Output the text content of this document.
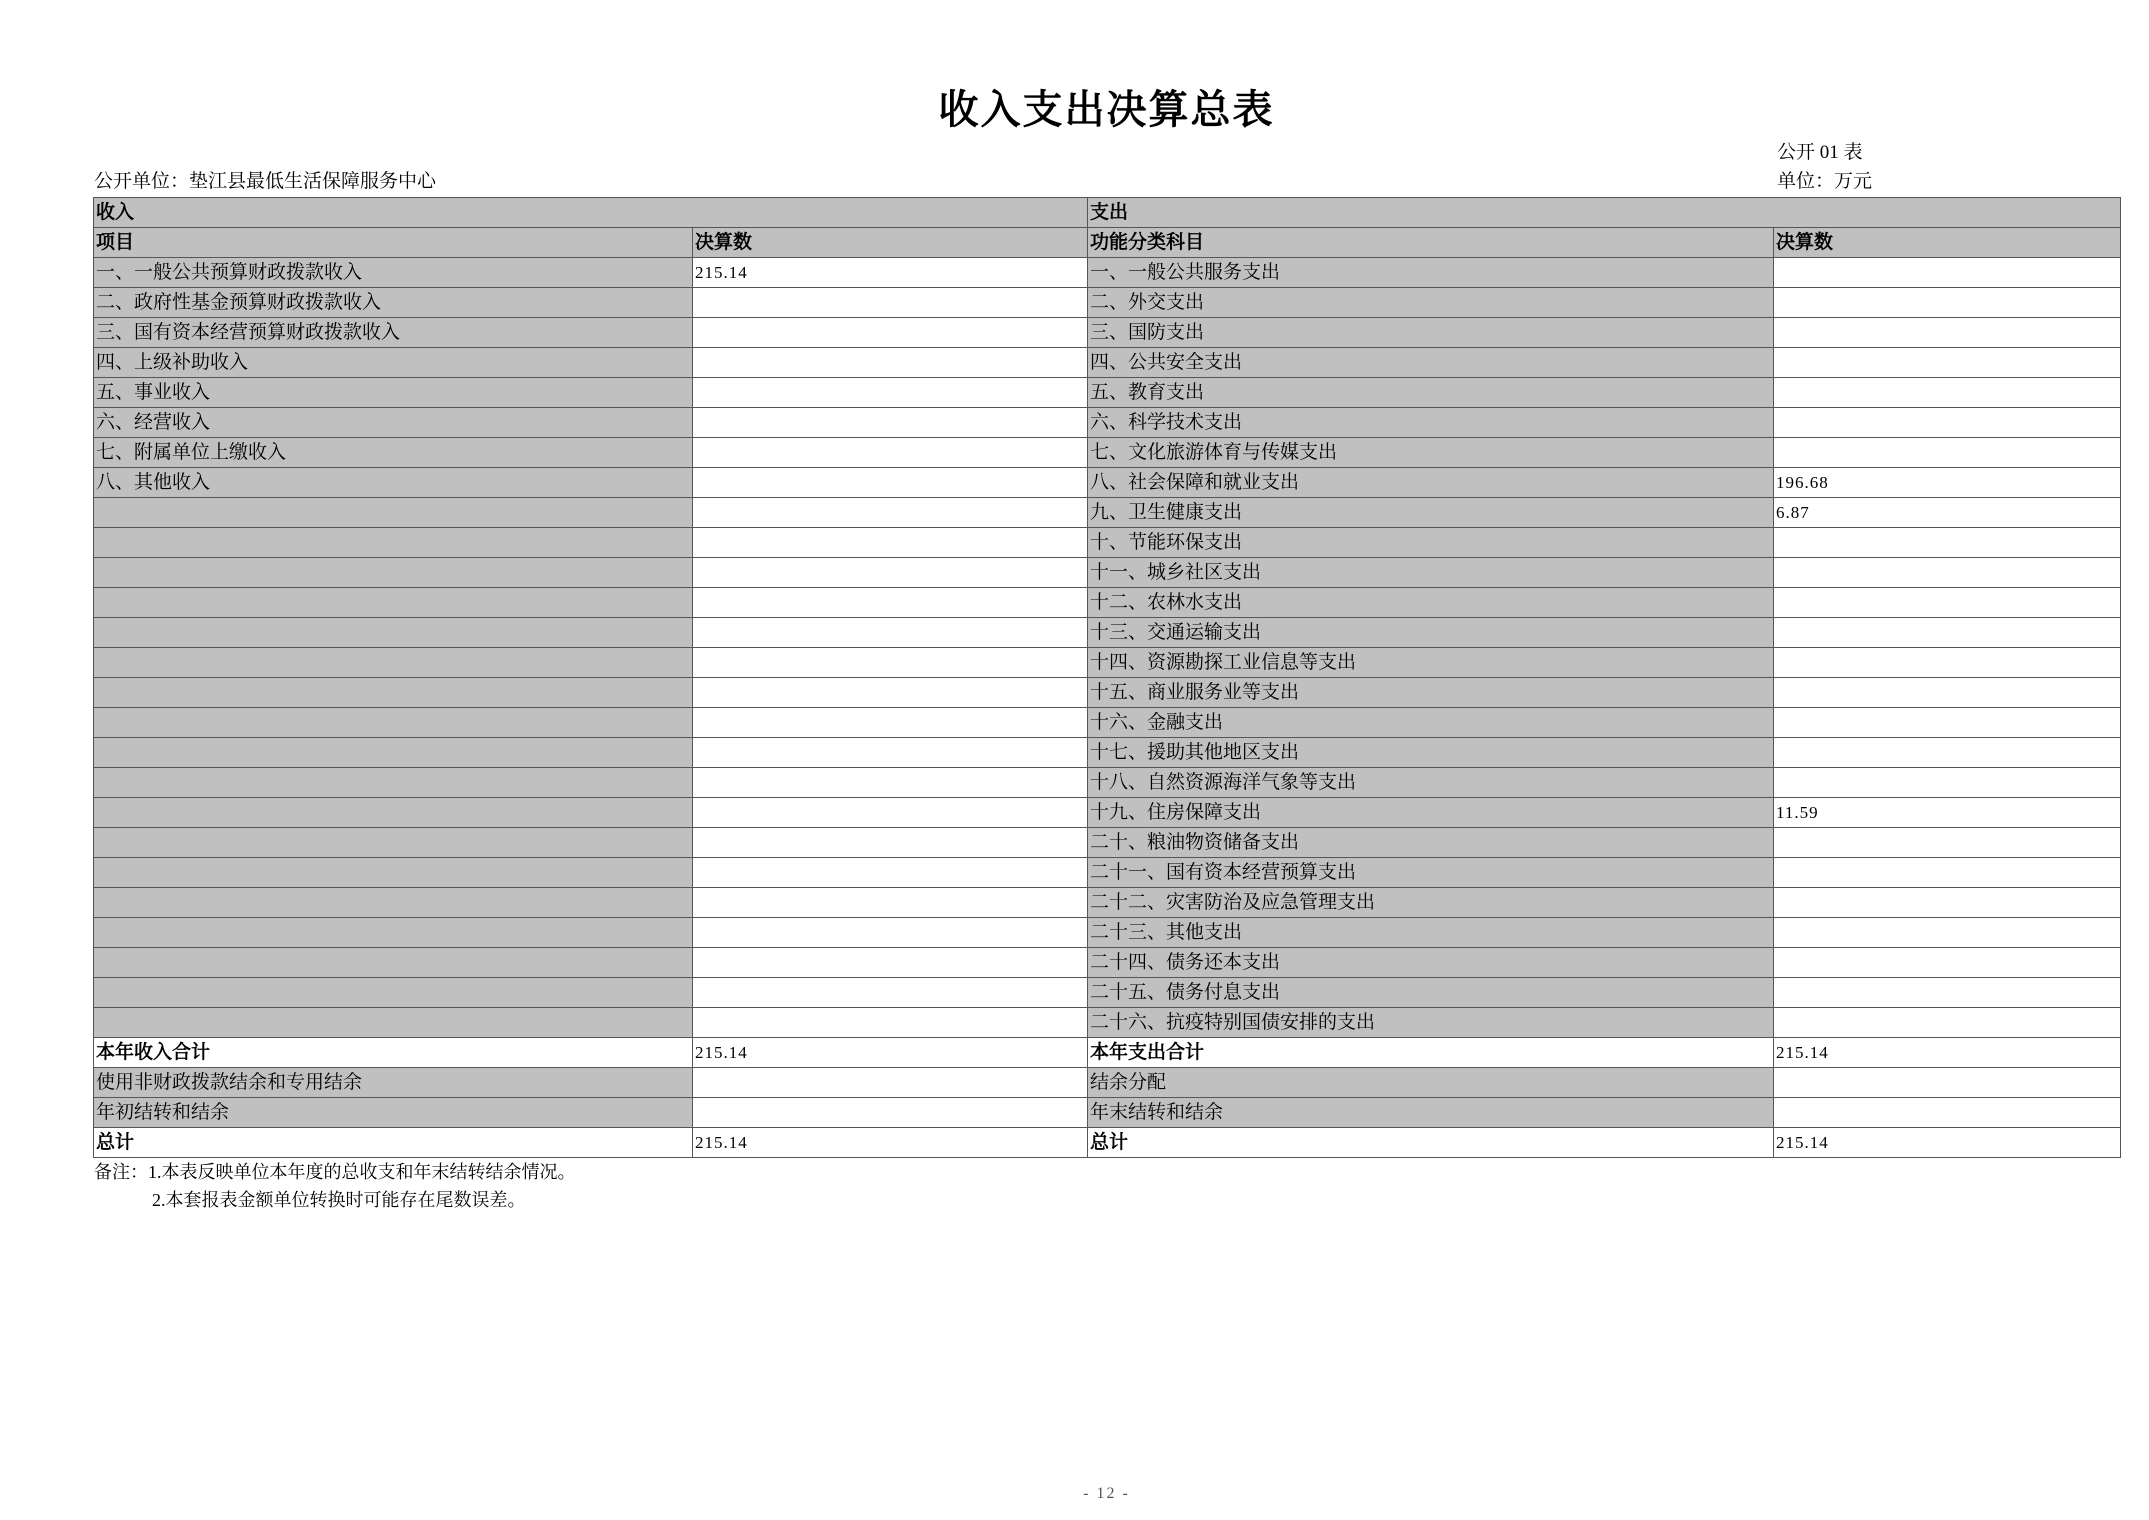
收入支出决算总表
公开 01 表
公开单位：垫江县最低生活保障服务中心	单位：万元
收入		支出	
项目	决算数	功能分类科目	决算数
一、一般公共预算财政拨款收入	215.14	一、一般公共服务支出	
二、政府性基金预算财政拨款收入		二、外交支出	
三、国有资本经营预算财政拨款收入		三、国防支出	
四、上级补助收入		四、公共安全支出	
五、事业收入		五、教育支出	
六、经营收入		六、科学技术支出	
七、附属单位上缴收入		七、文化旅游体育与传媒支出	
八、其他收入		八、社会保障和就业支出	196.68
		九、卫生健康支出	6.87
		十、节能环保支出	
		十一、城乡社区支出	
		十二、农林水支出	
		十三、交通运输支出	
		十四、资源勘探工业信息等支出	
		十五、商业服务业等支出	
		十六、金融支出	
		十七、援助其他地区支出	
		十八、自然资源海洋气象等支出	
		十九、住房保障支出	11.59
		二十、粮油物资储备支出	
		二十一、国有资本经营预算支出	
		二十二、灾害防治及应急管理支出	
		二十三、其他支出	
		二十四、债务还本支出	
		二十五、债务付息支出	
		二十六、抗疫特别国债安排的支出	
本年收入合计	215.14	本年支出合计	215.14
使用非财政拨款结余和专用结余		结余分配	
年初结转和结余		年末结转和结余	
总计	215.14	总计	215.14
备注：1.本表反映单位本年度的总收支和年末结转结余情况。
2.本套报表金额单位转换时可能存在尾数误差。
- 12 -
